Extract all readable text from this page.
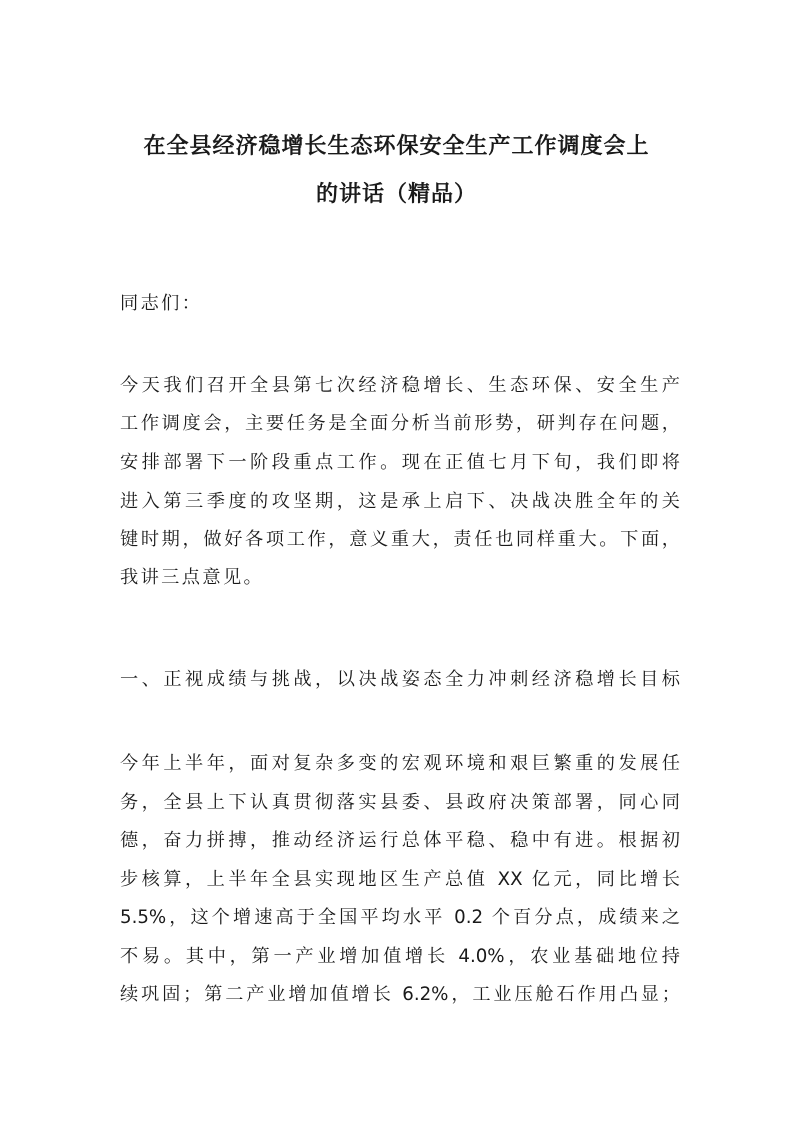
在全县经济稳增长生态环保安全生产工作调度会上
的讲话（精品）
同志们：
今天我们召开全县第七次经济稳增长、生态环保、安全生产
工作调度会，主要任务是全面分析当前形势，研判存在问题，
安排部署下一阶段重点工作。现在正值七月下旬，我们即将
进入第三季度的攻坚期，这是承上启下、决战决胜全年的关
键时期，做好各项工作，意义重大，责任也同样重大。下面，
我讲三点意见。
一、正视成绩与挑战，以决战姿态全力冲刺经济稳增长目标
今年上半年，面对复杂多变的宏观环境和艰巨繁重的发展任
务，全县上下认真贯彻落实县委、县政府决策部署，同心同
德，奋力拼搏，推动经济运行总体平稳、稳中有进。根据初
步核算，上半年全县实现地区生产总值 XX 亿元，同比增长
5.5%，这个增速高于全国平均水平 0.2 个百分点，成绩来之
不易。其中，第一产业增加值增长 4.0%，农业基础地位持
续巩固；第二产业增加值增长 6.2%，工业压舱石作用凸显；
